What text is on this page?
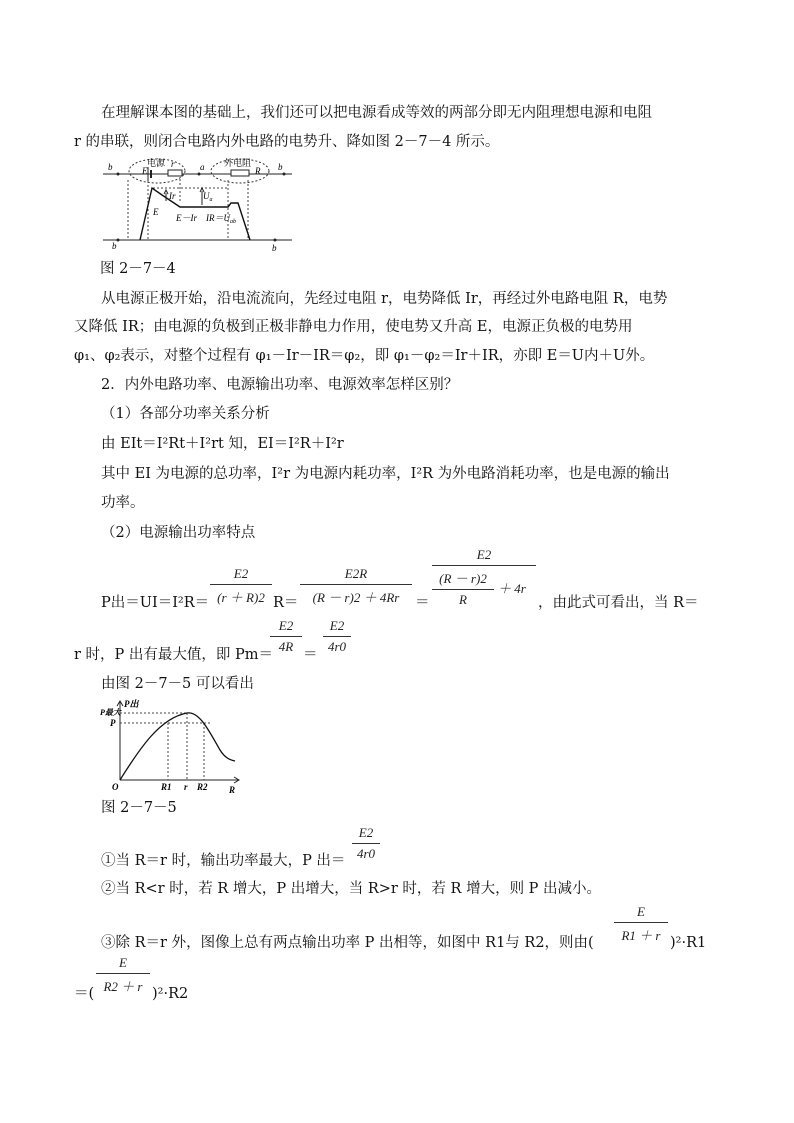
在理解课本图的基础上，我们还可以把电源看成等效的两部分即无内阻理想电源和电阻
r 的串联，则闭合电路内外电路的电势升、降如图 2－7－4 所示。
b	电源
E
r	a 外电阻
R b
E
Ir	$U_a$
E－Ir $IR=U_{ab}$
b	b
图 2－7－4
从电源正极开始，沿电流流向，先经过电阻 r，电势降低 Ir，再经过外电路电阻 R，电势
又降低 IR；由电源的负极到正极非静电力作用，使电势又升高 E，电源正负极的电势用
φ₁、φ₂表示，对整个过程有 φ₁－Ir－IR＝φ₂，即 φ₁－φ₂＝Ir＋IR，亦即 E＝U内＋U外。
2．内外电路功率、电源输出功率、电源效率怎样区别？
（1）各部分功率关系分析
由 EIt＝I²Rt＋I²rt 知，EI＝I²R＋I²r
其中 EI 为电源的总功率，I²r 为电源内耗功率，I²R 为外电路消耗功率，也是电源的输出
功率。
（2）电源输出功率特点
P出＝UI＝I²R＝
E2
(r ＋ R)2 R＝
E2R
(R － r)2 ＋ 4Rr	＝
E2
(R － r)2
R
＋ 4r
，由此式可看出，当 R＝
r 时，P 出有最大值，即 Pm＝
E2
4R
＝
E2
4r0
由图 2－7－5 可以看出
P出
P最大
P
O	R1 r R2 R
图 2－7－5
①当 R＝r 时，输出功率最大，P 出＝
E2
4r0
②当 R<r 时，若 R 增大，P 出增大，当 R>r 时，若 R 增大，则 P 出减小。
③除 R＝r 外，图像上总有两点输出功率 P 出相等，如图中 R1与 R2，则由(
E
R1 ＋ r )²·R1
＝(
E
R2 ＋ r )²·R2
